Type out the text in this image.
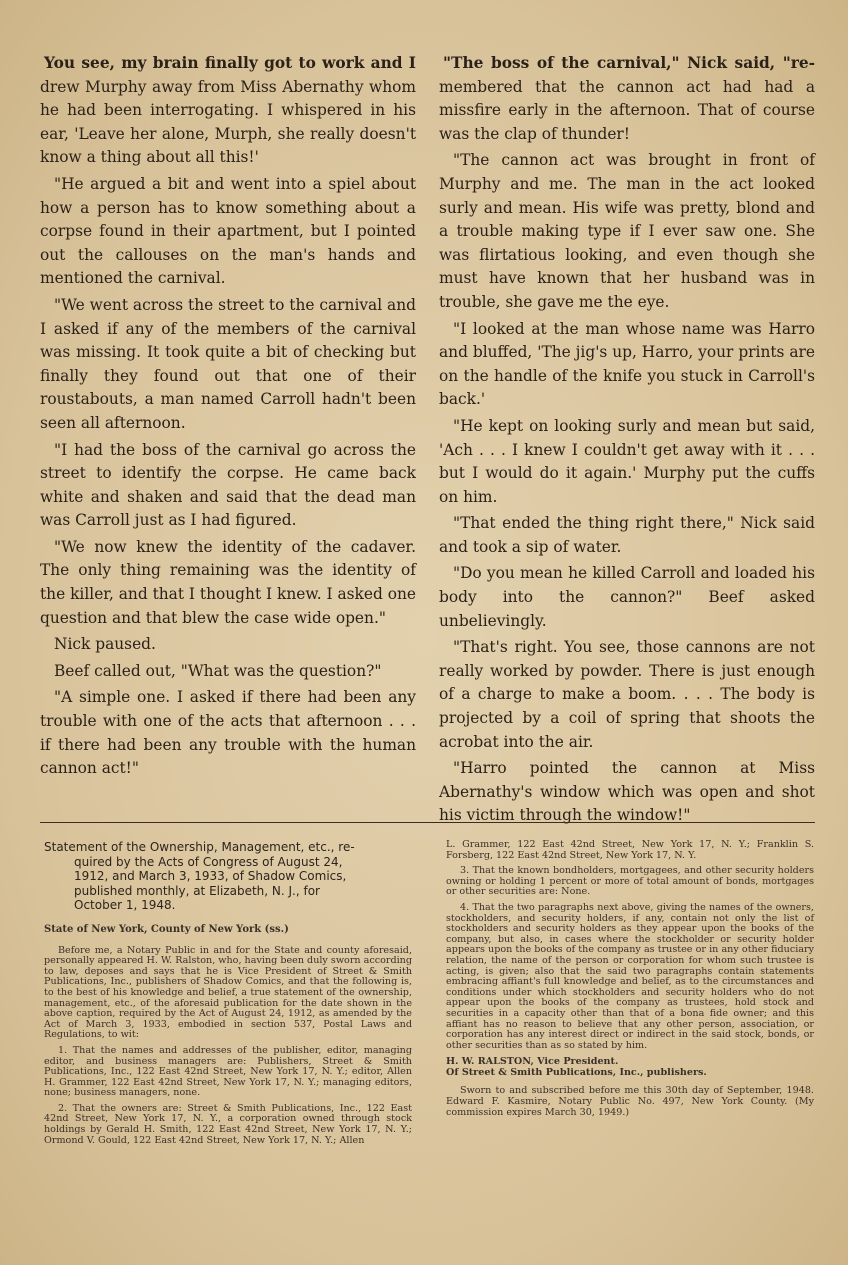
You see, my brain finally got to work and I drew Murphy away from Miss Abernathy whom he had been interrogating. I whispered in his ear, 'Leave her alone, Murph, she really doesn't know a thing about all this!'

"He argued a bit and went into a spiel about how a person has to know something about a corpse found in their apartment, but I pointed out the callouses on the man's hands and mentioned the carnival.

"We went across the street to the carnival and I asked if any of the members of the carnival was missing. It took quite a bit of checking but finally they found out that one of their roustabouts, a man named Carroll hadn't been seen all afternoon.

"I had the boss of the carnival go across the street to identify the corpse. He came back white and shaken and said that the dead man was Carroll just as I had figured.

"We now knew the identity of the cadaver. The only thing remaining was the identity of the killer, and that I thought I knew. I asked one question and that blew the case wide open."

Nick paused.

Beef called out, "What was the question?"

"A simple one. I asked if there had been any trouble with one of the acts that afternoon . . . if there had been any trouble with the human cannon act!"

"The boss of the carnival," Nick said, "re-membered that the cannon act had had a missfire early in the afternoon. That of course was the clap of thunder!

"The cannon act was brought in front of Murphy and me. The man in the act looked surly and mean. His wife was pretty, blond and a trouble making type if I ever saw one. She was flirtatious looking, and even though she must have known that her husband was in trouble, she gave me the eye.

"I looked at the man whose name was Harro and bluffed, 'The jig's up, Harro, your prints are on the handle of the knife you stuck in Carroll's back.'

"He kept on looking surly and mean but said, 'Ach . . . I knew I couldn't get away with it . . . but I would do it again.' Murphy put the cuffs on him.

"That ended the thing right there," Nick said and took a sip of water.

"Do you mean he killed Carroll and loaded his body into the cannon?" Beef asked unbelievingly.

"That's right. You see, those cannons are not really worked by powder. There is just enough of a charge to make a boom. . . . The body is projected by a coil of spring that shoots the acrobat into the air.

"Harro pointed the cannon at Miss Abernathy's window which was open and shot his victim through the window!"

Statement of the Ownership, Management, etc., re-
quired by the Acts of Congress of August 24,
1912, and March 3, 1933, of Shadow Comics,
published monthly, at Elizabeth, N. J., for
October 1, 1948.

State of New York, County of New York (ss.)

Before me, a Notary Public in and for the State and county aforesaid, personally appeared H. W. Ralston, who, having been duly sworn according to law, deposes and says that he is Vice President of Street & Smith Publications, Inc., publishers of Shadow Comics, and that the following is, to the best of his knowledge and belief, a true statement of the ownership, management, etc., of the aforesaid publication for the date shown in the above caption, required by the Act of August 24, 1912, as amended by the Act of March 3, 1933, embodied in section 537, Postal Laws and Regulations, to wit:

1. That the names and addresses of the publisher, editor, managing editor, and business managers are: Publishers, Street & Smith Publications, Inc., 122 East 42nd Street, New York 17, N. Y.; editor, Allen H. Grammer, 122 East 42nd Street, New York 17, N. Y.; managing editors, none; business managers, none.

2. That the owners are: Street & Smith Publications, Inc., 122 East 42nd Street, New York 17, N. Y., a corporation owned through stock holdings by Gerald H. Smith, 122 East 42nd Street, New York 17, N. Y.; Ormond V. Gould, 122 East 42nd Street, New York 17, N. Y.; Allen

L. Grammer, 122 East 42nd Street, New York 17, N. Y.; Franklin S. Forsberg, 122 East 42nd Street, New York 17, N. Y.

3. That the known bondholders, mortgagees, and other security holders owning or holding 1 percent or more of total amount of bonds, mortgages or other securities are: None.

4. That the two paragraphs next above, giving the names of the owners, stockholders, and security holders, if any, contain not only the list of stockholders and security holders as they appear upon the books of the company, but also, in cases where the stockholder or security holder appears upon the books of the company as trustee or in any other fiduciary relation, the name of the person or corporation for whom such trustee is acting, is given; also that the said two paragraphs contain statements embracing affiant's full knowledge and belief, as to the circumstances and conditions under which stockholders and security holders who do not appear upon the books of the company as trustees, hold stock and securities in a capacity other than that of a bona fide owner; and this affiant has no reason to believe that any other person, association, or corporation has any interest direct or indirect in the said stock, bonds, or other securities than as so stated by him.

H. W. RALSTON, Vice President.
Of Street & Smith Publications, Inc., publishers.

Sworn to and subscribed before me this 30th day of September, 1948. Edward F. Kasmire, Notary Public No. 497, New York County. (My commission expires March 30, 1949.)
